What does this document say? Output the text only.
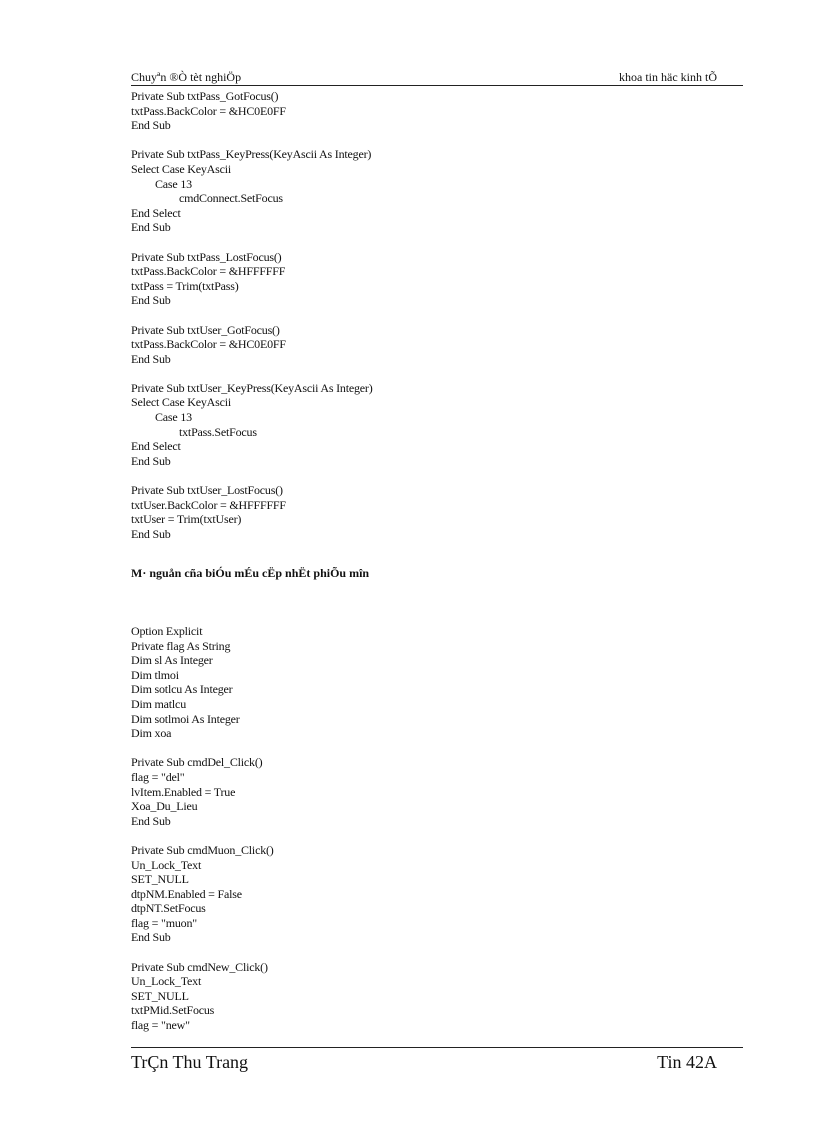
Chuyªn ®Ò tèt nghiÖp	khoa tin häc kinh tÕ
Private Sub txtPass_GotFocus()
txtPass.BackColor = &HC0E0FF
End Sub
Private Sub txtPass_KeyPress(KeyAscii As Integer)
Select Case KeyAscii
Case 13
cmdConnect.SetFocus
End Select
End Sub
Private Sub txtPass_LostFocus()
txtPass.BackColor = &HFFFFFF
txtPass = Trim(txtPass)
End Sub
Private Sub txtUser_GotFocus()
txtPass.BackColor = &HC0E0FF
End Sub
Private Sub txtUser_KeyPress(KeyAscii As Integer)
Select Case KeyAscii
Case 13
txtPass.SetFocus
End Select
End Sub
Private Sub txtUser_LostFocus()
txtUser.BackColor = &HFFFFFF
txtUser = Trim(txtUser)
End Sub
M· nguån cña biÓu mÉu cËp nhËt phiÕu mîn
Option Explicit
Private flag As String
Dim sl As Integer
Dim tlmoi
Dim sotlcu As Integer
Dim matlcu
Dim sotlmoi As Integer
Dim xoa
Private Sub cmdDel_Click()
flag = "del"
lvItem.Enabled = True
Xoa_Du_Lieu
End Sub
Private Sub cmdMuon_Click()
Un_Lock_Text
SET_NULL
dtpNM.Enabled = False
dtpNT.SetFocus
flag = "muon"
End Sub
Private Sub cmdNew_Click()
Un_Lock_Text
SET_NULL
txtPMid.SetFocus
flag = "new"
TrÇn Thu Trang	Tin 42A
